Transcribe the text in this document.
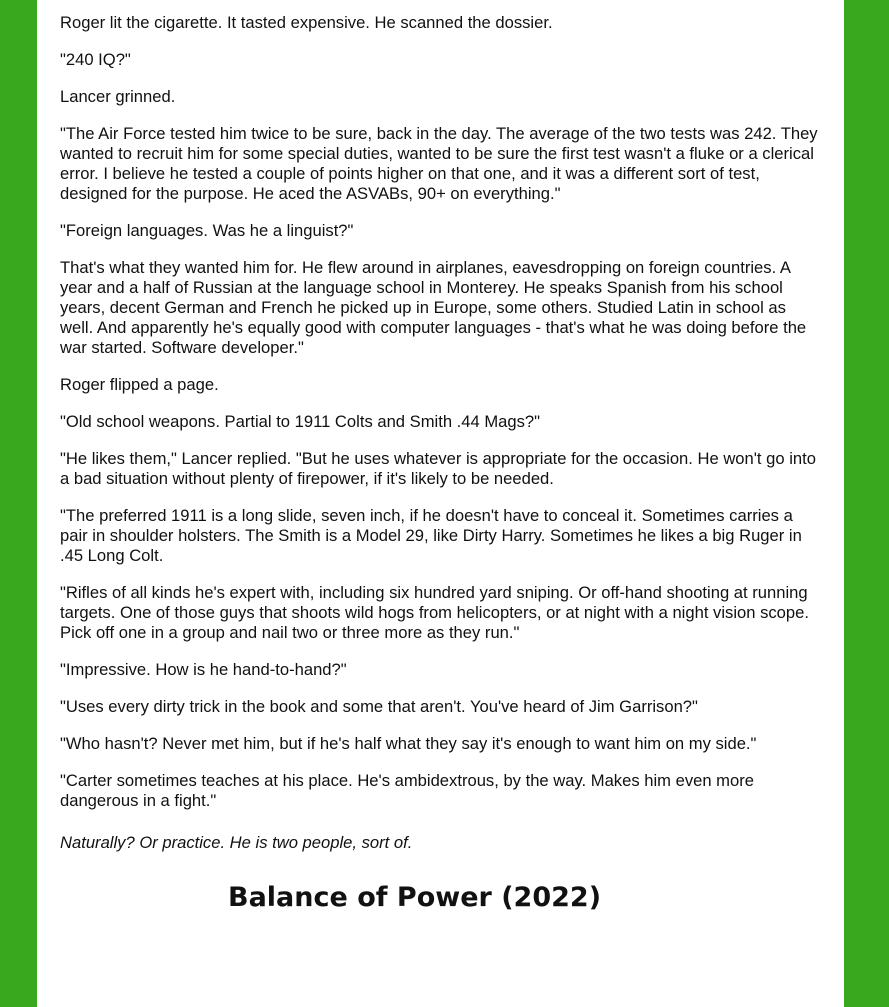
Roger lit the cigarette. It tasted expensive. He scanned the dossier.

"240 IQ?"

Lancer grinned.

"The Air Force tested him twice to be sure, back in the day. The average of the two tests was 242. They wanted to recruit him for some special duties, wanted to be sure the first test wasn't a fluke or a clerical error. I believe he tested a couple of points higher on that one, and it was a different sort of test, designed for the purpose. He aced the ASVABs, 90+ on everything."

"Foreign languages. Was he a linguist?"

That's what they wanted him for. He flew around in airplanes, eavesdropping on foreign countries. A year and a half of Russian at the language school in Monterey. He speaks Spanish from his school years, decent German and French he picked up in Europe, some others. Studied Latin in school as well. And apparently he's equally good with computer languages - that's what he was doing before the war started. Software developer."

Roger flipped a page.

"Old school weapons. Partial to 1911 Colts and Smith .44 Mags?"

"He likes them," Lancer replied. "But he uses whatever is appropriate for the occasion. He won't go into a bad situation without plenty of firepower, if it's likely to be needed.

"The preferred 1911 is a long slide, seven inch, if he doesn't have to conceal it. Sometimes carries a pair in shoulder holsters. The Smith is a Model 29, like Dirty Harry. Sometimes he likes a big Ruger in .45 Long Colt.

"Rifles of all kinds he's expert with, including six hundred yard sniping. Or off-hand shooting at running targets. One of those guys that shoots wild hogs from helicopters, or at night with a night vision scope. Pick off one in a group and nail two or three more as they run."

"Impressive. How is he hand-to-hand?"

"Uses every dirty trick in the book and some that aren't. You've heard of Jim Garrison?"

"Who hasn't? Never met him, but if he's half what they say it's enough to want him on my side."

"Carter sometimes teaches at his place. He's ambidextrous, by the way. Makes him even more dangerous in a fight."

Naturally? Or practice. He is two people, sort of.

Balance of Power (2022)
